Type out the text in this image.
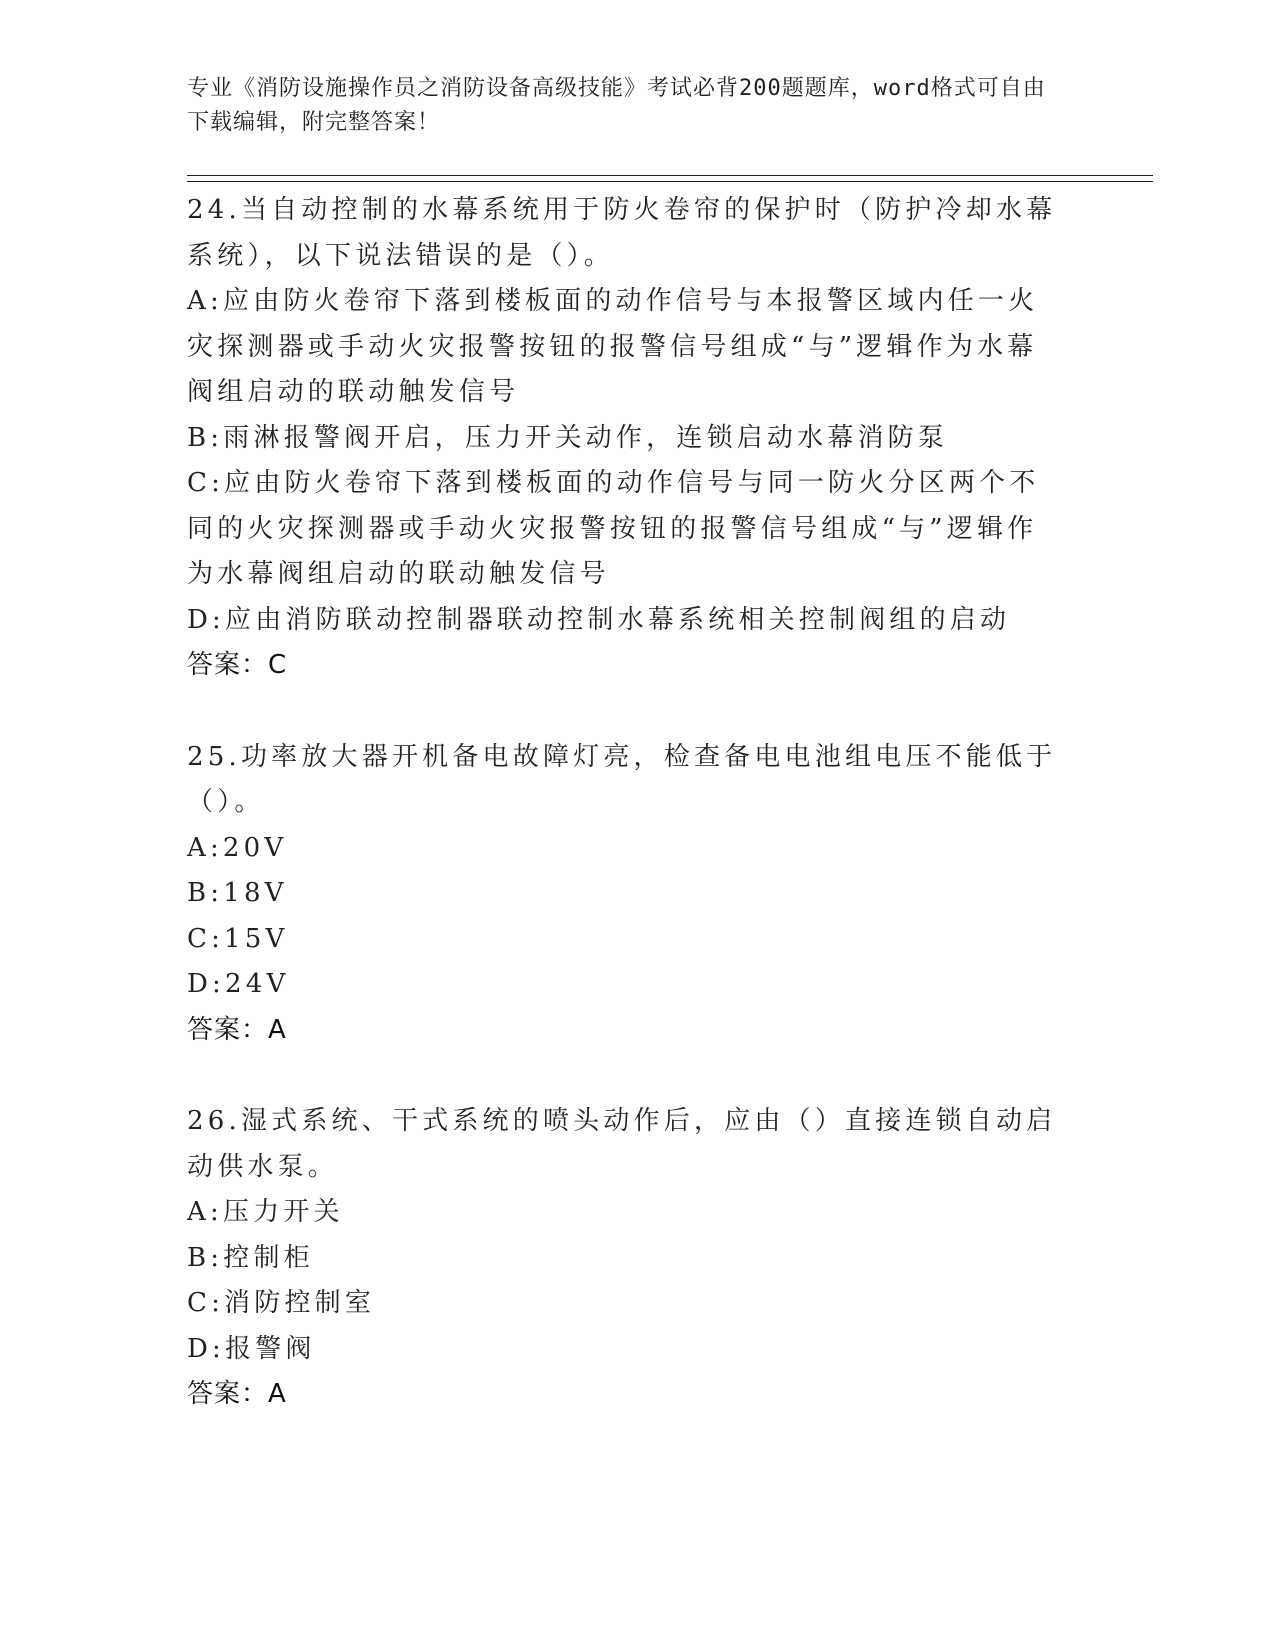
专业《消防设施操作员之消防设备高级技能》考试必背200题题库，word格式可自由下载编辑，附完整答案！

24.当自动控制的水幕系统用于防火卷帘的保护时（防护冷却水幕系统），以下说法错误的是（）。

A:应由防火卷帘下落到楼板面的动作信号与本报警区域内任一火灾探测器或手动火灾报警按钮的报警信号组成“与”逻辑作为水幕阀组启动的联动触发信号

B:雨淋报警阀开启，压力开关动作，连锁启动水幕消防泵

C:应由防火卷帘下落到楼板面的动作信号与同一防火分区两个不同的火灾探测器或手动火灾报警按钮的报警信号组成“与”逻辑作为水幕阀组启动的联动触发信号

D:应由消防联动控制器联动控制水幕系统相关控制阀组的启动

答案：C

25.功率放大器开机备电故障灯亮，检查备电电池组电压不能低于（）。

A:20V

B:18V

C:15V

D:24V

答案：A

26.湿式系统、干式系统的喷头动作后，应由（）直接连锁自动启动供水泵。

A:压力开关

B:控制柜

C:消防控制室

D:报警阀

答案：A
